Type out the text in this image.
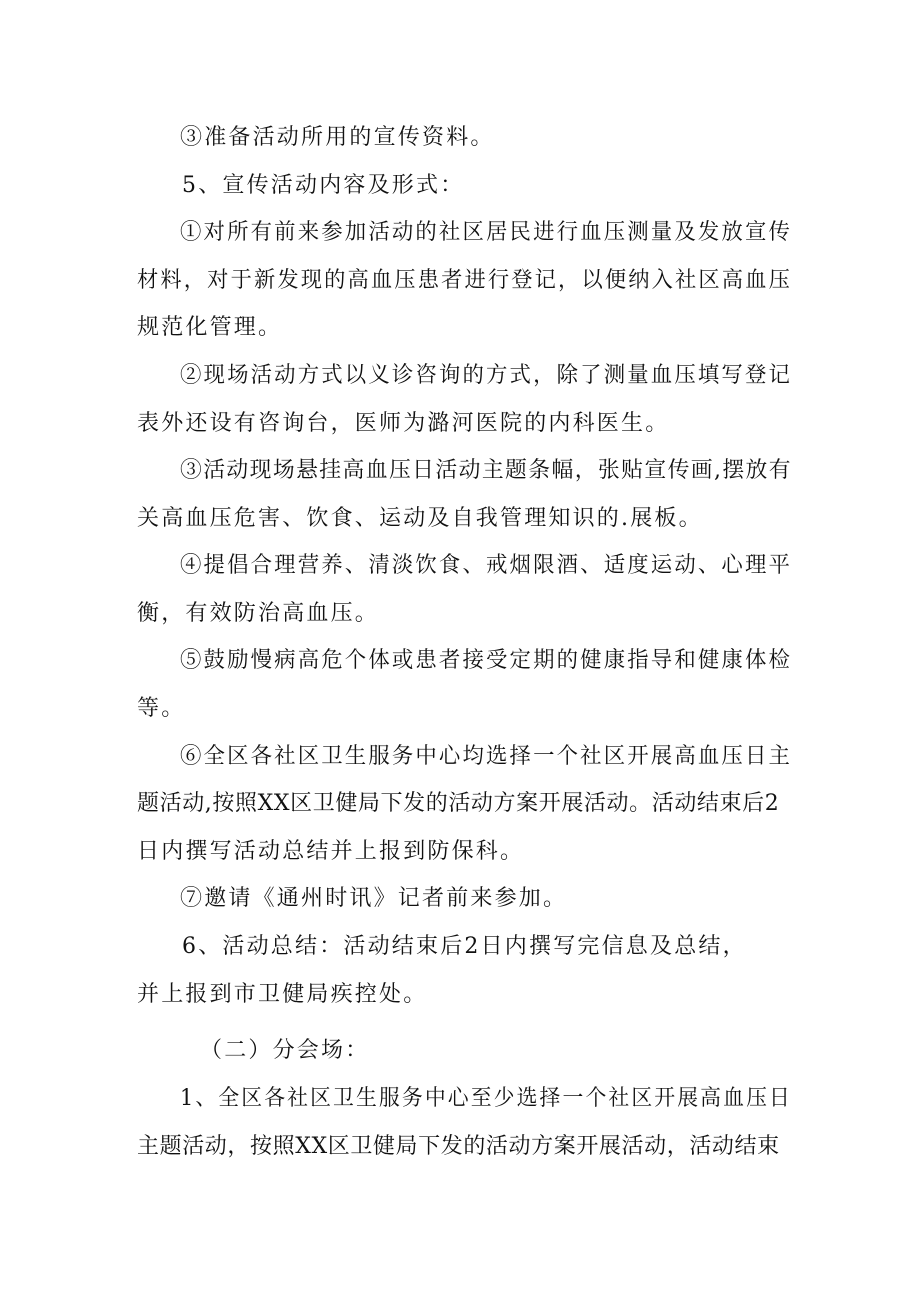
③准备活动所用的宣传资料。
5、宣传活动内容及形式：
①对所有前来参加活动的社区居民进行血压测量及发放宣传
材料，对于新发现的高血压患者进行登记，以便纳入社区高血压
规范化管理。
②现场活动方式以义诊咨询的方式，除了测量血压填写登记
表外还设有咨询台，医师为潞河医院的内科医生。
③活动现场悬挂高血压日活动主题条幅，张贴宣传画,摆放有
关高血压危害、饮食、运动及自我管理知识的.展板。
④提倡合理营养、清淡饮食、戒烟限酒、适度运动、心理平
衡，有效防治高血压。
⑤鼓励慢病高危个体或患者接受定期的健康指导和健康体检
等。
⑥全区各社区卫生服务中心均选择一个社区开展高血压日主
题活动,按照XX区卫健局下发的活动方案开展活动。活动结束后2
日内撰写活动总结并上报到防保科。
⑦邀请《通州时讯》记者前来参加。
6、活动总结：活动结束后2日内撰写完信息及总结，
并上报到市卫健局疾控处。
（二）分会场：
1、全区各社区卫生服务中心至少选择一个社区开展高血压日
主题活动，按照XX区卫健局下发的活动方案开展活动，活动结束
